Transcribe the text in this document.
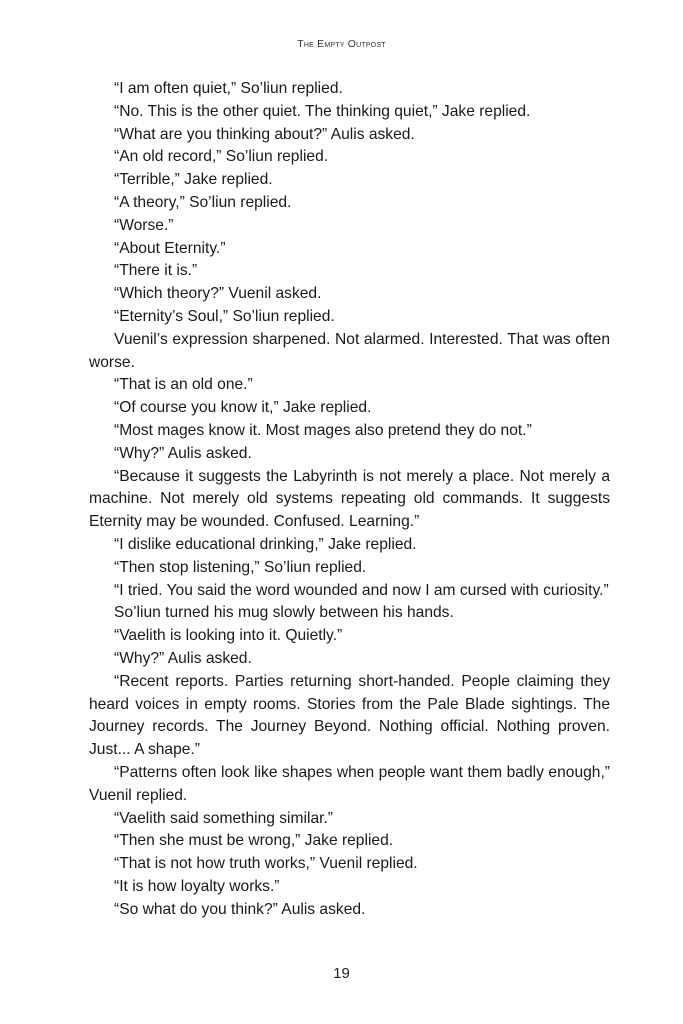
The Empty Outpost

“I am often quiet,” So’liun replied.

“No. This is the other quiet. The thinking quiet,” Jake replied.

“What are you thinking about?” Aulis asked.

“An old record,” So’liun replied.

“Terrible,” Jake replied.

“A theory,” So’liun replied.

“Worse.”

“About Eternity.”

“There it is.”

“Which theory?” Vuenil asked.

“Eternity’s Soul,” So’liun replied.

Vuenil’s expression sharpened. Not alarmed. Interested. That was often worse.

“That is an old one.”

“Of course you know it,” Jake replied.

“Most mages know it. Most mages also pretend they do not.”

“Why?” Aulis asked.

“Because it suggests the Labyrinth is not merely a place. Not merely a machine. Not merely old systems repeating old commands. It suggests Eternity may be wounded. Confused. Learning.”

“I dislike educational drinking,” Jake replied.

“Then stop listening,” So’liun replied.

“I tried. You said the word wounded and now I am cursed with curiosity.”

So’liun turned his mug slowly between his hands.

“Vaelith is looking into it. Quietly.”

“Why?” Aulis asked.

“Recent reports. Parties returning short-handed. People claiming they heard voices in empty rooms. Stories from the Pale Blade sightings. The Journey records. The Journey Beyond. Nothing official. Nothing proven. Just... A shape.”

“Patterns often look like shapes when people want them badly enough,” Vuenil replied.

“Vaelith said something similar.”

“Then she must be wrong,” Jake replied.

“That is not how truth works,” Vuenil replied.

“It is how loyalty works.”

“So what do you think?” Aulis asked.

19
